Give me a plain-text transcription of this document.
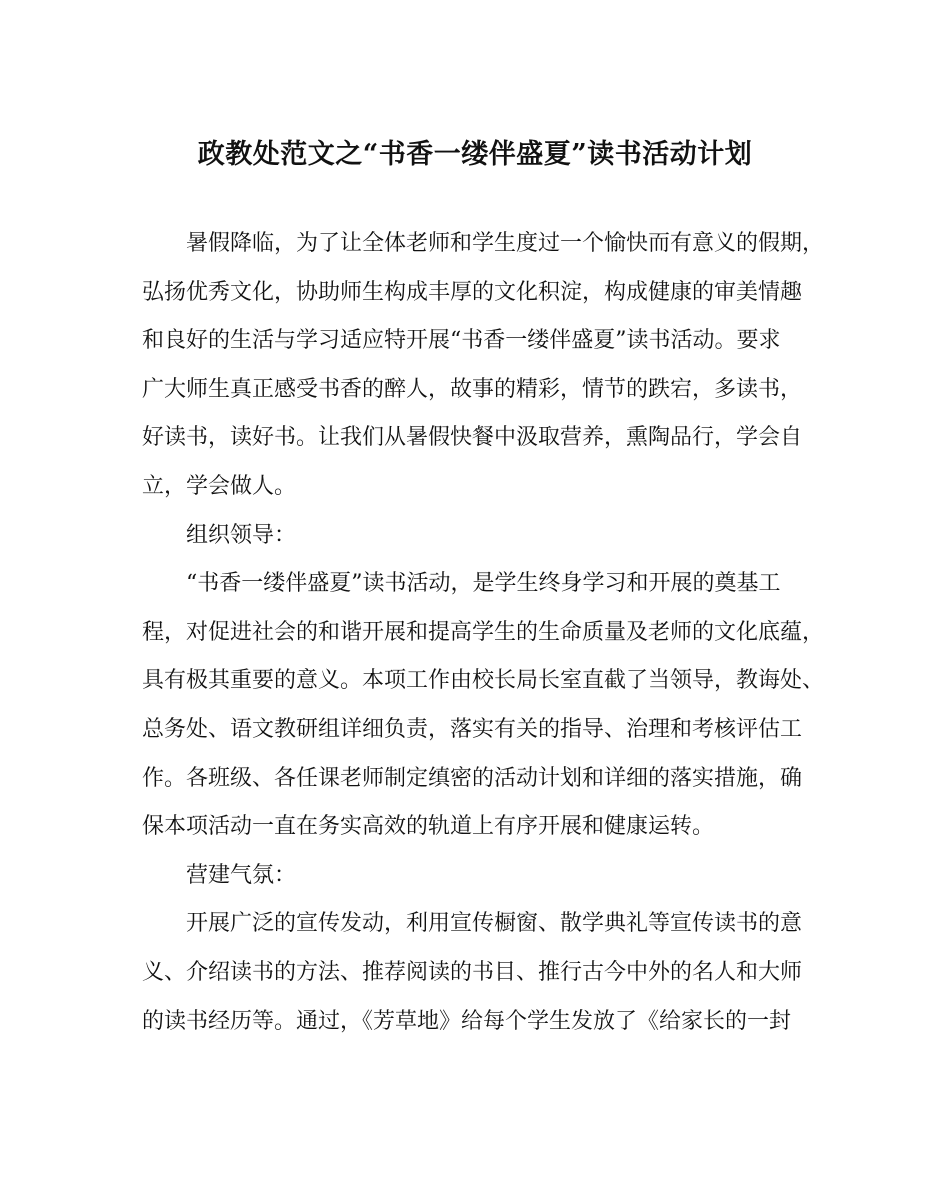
政教处范文之“书香一缕伴盛夏”读书活动计划
暑假降临，为了让全体老师和学生度过一个愉快而有意义的假期，
弘扬优秀文化，协助师生构成丰厚的文化积淀，构成健康的审美情趣
和良好的生活与学习适应特开展“书香一缕伴盛夏”读书活动。要求
广大师生真正感受书香的醉人，故事的精彩，情节的跌宕，多读书，
好读书，读好书。让我们从暑假快餐中汲取营养，熏陶品行，学会自
立，学会做人。
组织领导：
“书香一缕伴盛夏”读书活动，是学生终身学习和开展的奠基工
程，对促进社会的和谐开展和提高学生的生命质量及老师的文化底蕴，
具有极其重要的意义。本项工作由校长局长室直截了当领导，教诲处、
总务处、语文教研组详细负责，落实有关的指导、治理和考核评估工
作。各班级、各任课老师制定缜密的活动计划和详细的落实措施，确
保本项活动一直在务实高效的轨道上有序开展和健康运转。
营建气氛：
开展广泛的宣传发动，利用宣传橱窗、散学典礼等宣传读书的意
义、介绍读书的方法、推荐阅读的书目、推行古今中外的名人和大师
的读书经历等。通过，《芳草地》给每个学生发放了《给家长的一封
